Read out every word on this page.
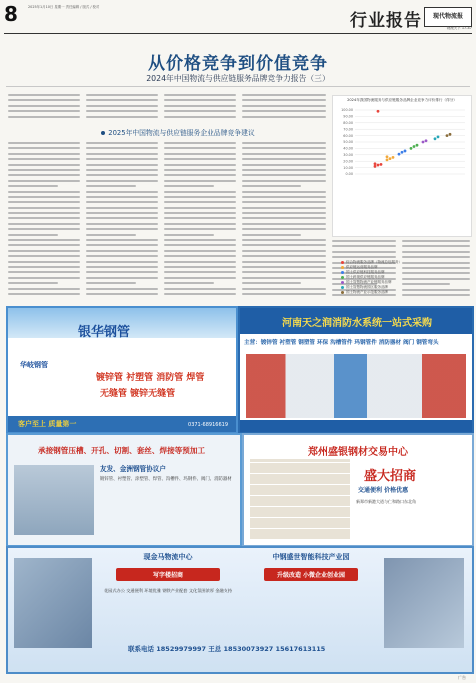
8	2025年1月10日 星期一 责任编辑 / 版式 / 校对
行业报告	现代物流报
物流天下 17-47
从价格竞争到价值竞争
2024年中国物流与供应链服务品牌竞争力报告（三）
2025年中国物流与供应链服务企业品牌竞争建议
2024年我国物流服务与供应链服务品牌企业竞争力评价排行（得分）
100.00
90.00
80.00
70.00
60.00
50.00
40.00
30.00
20.00
10.00
0.00
综合物流服务品牌（物流总包服务）
供应链运营服务品牌
国土供应链科技服务品牌
国土跨境供应链服务品牌
国土智慧物流产业链服务品牌
国土智慧物流园区服务品牌
国土物流产业示范服务品牌
银华钢管
华岐钢管
镀锌管 衬塑管 消防管 焊管
无缝管 镀锌无缝管
客户至上 质量第一	0371-68916619
河南天之润消防水系统一站式采购
主营：镀锌管 衬塑管 钢塑管 环保 沟槽管件 玛钢管件 消防器材 阀门 钢管弯头
承接钢管压槽、开孔、切割、套丝、焊接等预加工
友发、金洲钢管协议户
镀锌管、衬塑管、涂塑管、焊管、沟槽件、玛钢件、阀门、消防器材
郑州盛银钢材交易中心
盛大招商
交通便利 价格优惠
新郑市新港大道与仁和路口东北角
现金马物流中心
写字楼招商
花园式办公 交通便利 环境优雅 钢铁产业配套 文化氛围浓厚 金融支持
中钢盛世智能科技产业园
升级改造 小微企业创业园
联系电话 18529979997 王总 18530073927 15617613115
广告
